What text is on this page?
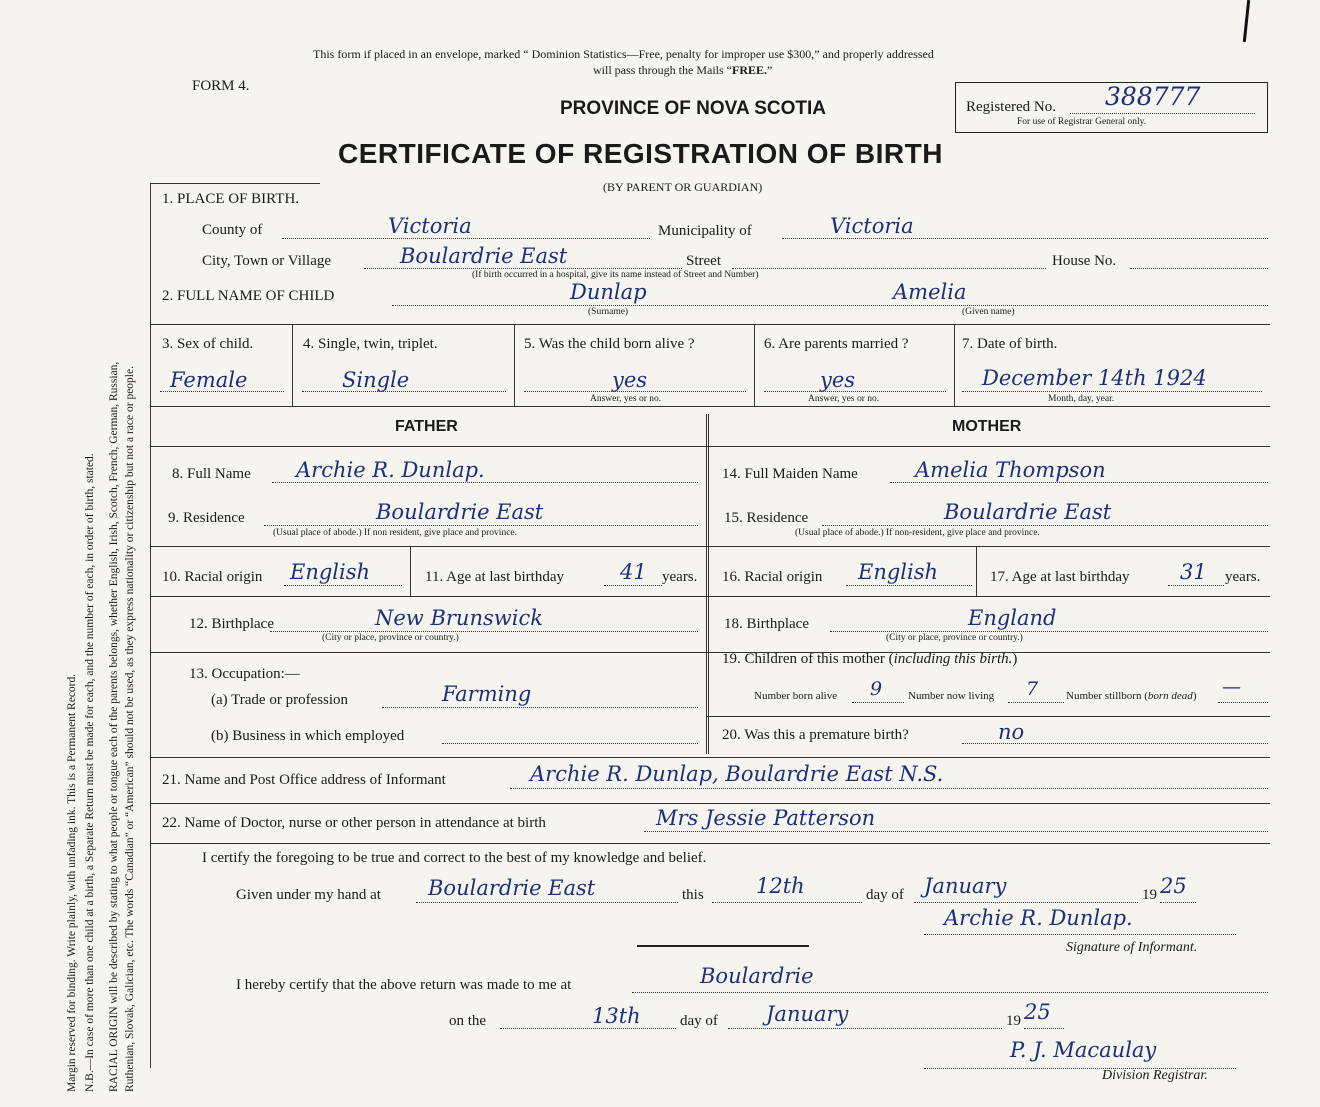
Margin reserved for binding. Write plainly, with unfading ink. This is a Permanent Record. N.B.—In case of more than one child at a birth, a Separate Return must be made for each, and the number of each, in order of birth, stated. RACIAL ORIGIN will be described by stating to what people or tongue each of the parents belongs, whether English, Irish, Scotch, French, German, Russian, Ruthenian, Slovak, Galician, etc. The words “Canadian” or “American” should not be used, as they express nationality or citizenship but not a race or people.
This form if placed in an envelope, marked “ Dominion Statistics—Free, penalty for improper use $300,” and properly addressed
will pass through the Mails “FREE.”
FORM 4.
PROVINCE OF NOVA SCOTIA
CERTIFICATE OF REGISTRATION OF BIRTH
(BY PARENT OR GUARDIAN)
Registered No. 388777
For use of Registrar General only.
1. PLACE OF BIRTH.
County of	Victoria	Municipality of	Victoria
City, Town or Village	Boulardrie East	Street	House No.
(If birth occurred in a hospital, give its name instead of Street and Number)
2. FULL NAME OF CHILD	Dunlap
(Surname)
Amelia
(Given name)
3. Sex of child.
Female
4. Single, twin, triplet.
Single
5. Was the child born alive ?
yes
Answer, yes or no.
6. Are parents married ?
yes
Answer, yes or no.
7. Date of birth.
December 14th 1924
Month, day, year.
FATHER	MOTHER
8. Full Name Archie R. Dunlap.
9. Residence	Boulardrie East
(Usual place of abode.) If non resident, give place and province.
10. Racial origin English	11. Age at last birthday	41 years.
12. Birthplace	New Brunswick
(City or place, province or country.)
13. Occupation:—
(a) Trade or profession	Farming
(b) Business in which employed
14. Full Maiden Name	Amelia Thompson
15. Residence	Boulardrie East
(Usual place of abode.) If non-resident, give place and province.
16. Racial origin English	17. Age at last birthday 31 years.
18. Birthplace	England
(City or place, province or country.)
19. Children of this mother (including this birth.)
Number born alive 9 Number now living 7	Number stillborn (born dead) —
20. Was this a premature birth?	no
21. Name and Post Office address of Informant	Archie R. Dunlap, Boulardrie East N.S.
22. Name of Doctor, nurse or other person in attendance at birth	Mrs Jessie Patterson
I certify the foregoing to be true and correct to the best of my knowledge and belief.
Given under my hand at Boulardrie East	this 12th	day of January	19 25
Archie R. Dunlap.
Signature of Informant.
I hereby certify that the above return was made to me at	Boulardrie
on the	13th	day of January	19 25
P. J. Macaulay
Division Registrar.
